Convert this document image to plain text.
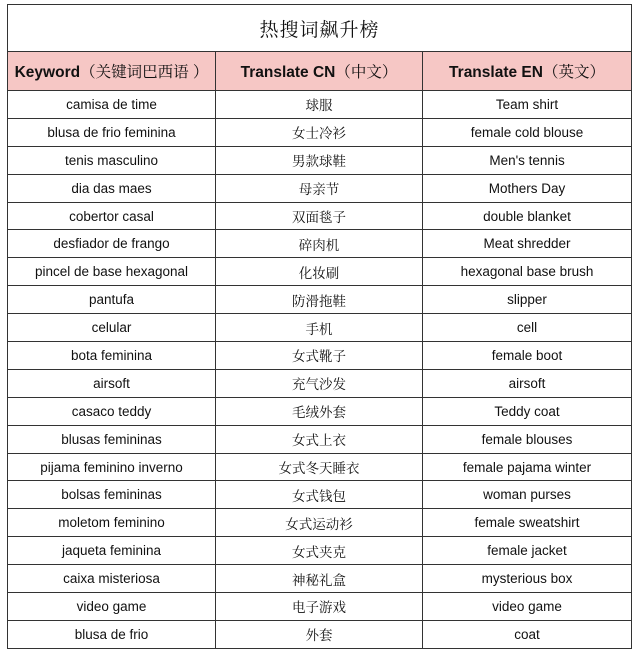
热搜词飙升榜		
Keyword（关键词巴西语 ）	Translate CN（中文）	Translate EN（英文）
camisa de time	球服	Team shirt
blusa de frio feminina	女士冷衫	female cold blouse
tenis masculino	男款球鞋	Men's tennis
dia das maes	母亲节	Mothers Day
cobertor casal	双面毯子	double blanket
desfiador de frango	碎肉机	Meat shredder
pincel de base hexagonal	化妆刷	hexagonal base brush
pantufa	防滑拖鞋	slipper
celular	手机	cell
bota feminina	女式靴子	female boot
airsoft	充气沙发	airsoft
casaco teddy	毛绒外套	Teddy coat
blusas femininas	女式上衣	female blouses
pijama feminino inverno	女式冬天睡衣	female pajama winter
bolsas femininas	女式钱包	woman purses
moletom feminino	女式运动衫	female sweatshirt
jaqueta feminina	女式夹克	female jacket
caixa misteriosa	神秘礼盒	mysterious box
video game	电子游戏	video game
blusa de frio	外套	coat
